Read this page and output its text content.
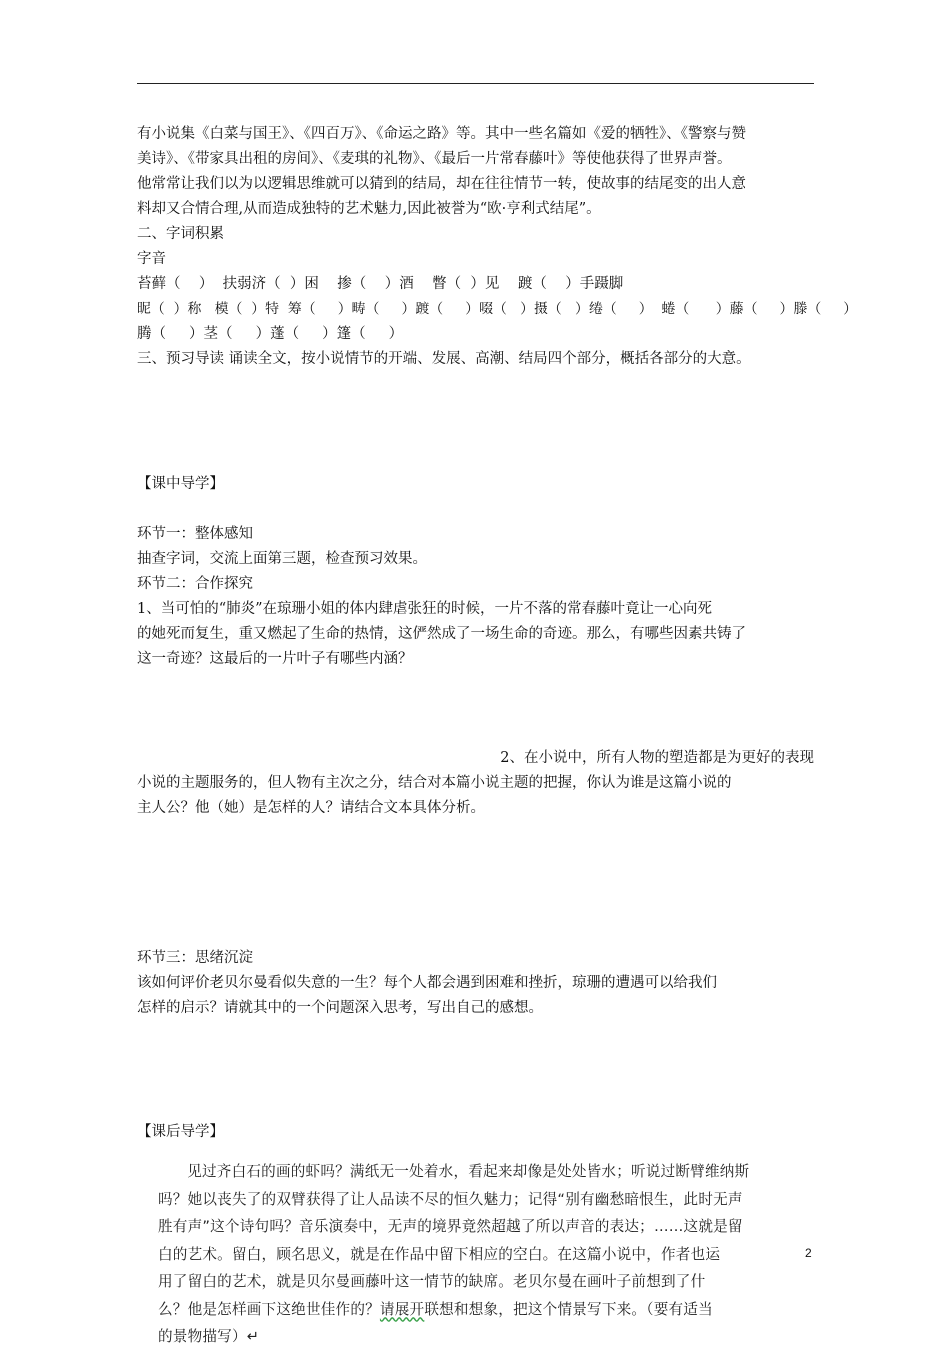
有小说集《白菜与国王》、《四百万》、《命运之路》等。其中一些名篇如《爱的牺牲》、《警察与赞

美诗》、《带家具出租的房间》、《麦琪的礼物》、《最后一片常春藤叶》等使他获得了世界声誉。

他常常让我们以为以逻辑思维就可以猜到的结局，却在往往情节一转，使故事的结尾变的出人意

料却又合情合理,从而造成独特的艺术魅力,因此被誉为“欧·亨利式结尾”。

二、字词积累

字音

苔藓（    ）  扶弱济（  ）困    掺（    ）酒    瞥（  ）见    踱（    ）手蹑脚

昵（  ）称   模（  ）特  筹（     ）畴（     ）踱（     ）啜（   ）摄（   ）绻（     ）  蜷（      ）藤（     ）滕（     ）

腾（     ）茎（     ）蓬（     ）篷（     ）

三、预习导读 诵读全文，按小说情节的开端、发展、高潮、结局四个部分，概括各部分的大意。

【课中导学】

环节一：整体感知

抽查字词，交流上面第三题，检查预习效果。

环节二：合作探究

1、当可怕的“肺炎”在琼珊小姐的体内肆虐张狂的时候，一片不落的常春藤叶竟让一心向死

的她死而复生，重又燃起了生命的热情，这俨然成了一场生命的奇迹。那么，有哪些因素共铸了

这一奇迹？这最后的一片叶子有哪些内涵？

2、在小说中，所有人物的塑造都是为更好的表现

小说的主题服务的，但人物有主次之分，结合对本篇小说主题的把握，你认为谁是这篇小说的

主人公？他（她）是怎样的人？请结合文本具体分析。

环节三：思绪沉淀

该如何评价老贝尔曼看似失意的一生？每个人都会遇到困难和挫折，琼珊的遭遇可以给我们

怎样的启示？请就其中的一个问题深入思考，写出自己的感想。

【课后导学】

见过齐白石的画的虾吗？满纸无一处着水，看起来却像是处处皆水；听说过断臂维纳斯

吗？她以丧失了的双臂获得了让人品读不尽的恒久魅力；记得“别有幽愁暗恨生，此时无声

胜有声”这个诗句吗？音乐演奏中，无声的境界竟然超越了所以声音的表达；……这就是留

白的艺术。留白，顾名思义，就是在作品中留下相应的空白。在这篇小说中，作者也运

用了留白的艺术，就是贝尔曼画藤叶这一情节的缺席。老贝尔曼在画叶子前想到了什

么？他是怎样画下这绝世佳作的？请展开联想和想象，把这个情景写下来。（要有适当

的景物描写）↵

2
